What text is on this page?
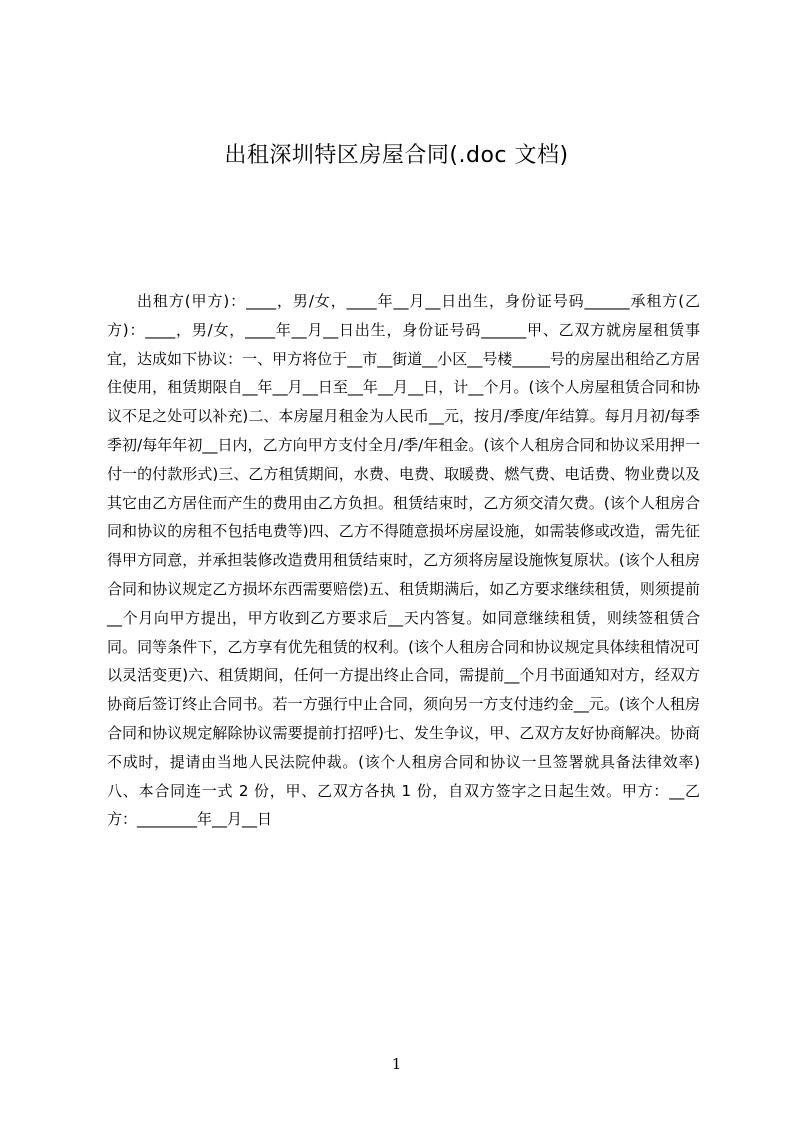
出租深圳特区房屋合同(.doc 文档)

出租方(甲方)：____，男/女，____年__月__日出生，身份证号码______承租方(乙方)：____，男/女，____年__月__日出生，身份证号码______甲、乙双方就房屋租赁事宜，达成如下协议：一、甲方将位于__市__街道__小区__号楼_____号的房屋出租给乙方居住使用，租赁期限自__年__月__日至__年__月__日，计__个月。(该个人房屋租赁合同和协议不足之处可以补充)二、本房屋月租金为人民币__元，按月/季度/年结算。每月月初/每季季初/每年年初__日内，乙方向甲方支付全月/季/年租金。(该个人租房合同和协议采用押一付一的付款形式)三、乙方租赁期间，水费、电费、取暖费、燃气费、电话费、物业费以及其它由乙方居住而产生的费用由乙方负担。租赁结束时，乙方须交清欠费。(该个人租房合同和协议的房租不包括电费等)四、乙方不得随意损坏房屋设施，如需装修或改造，需先征得甲方同意，并承担装修改造费用租赁结束时，乙方须将房屋设施恢复原状。(该个人租房合同和协议规定乙方损坏东西需要赔偿)五、租赁期满后，如乙方要求继续租赁，则须提前__个月向甲方提出，甲方收到乙方要求后__天内答复。如同意继续租赁，则续签租赁合同。同等条件下，乙方享有优先租赁的权利。(该个人租房合同和协议规定具体续租情况可以灵活变更)六、租赁期间，任何一方提出终止合同，需提前__个月书面通知对方，经双方协商后签订终止合同书。若一方强行中止合同，须向另一方支付违约金__元。(该个人租房合同和协议规定解除协议需要提前打招呼)七、发生争议，甲、乙双方友好协商解决。协商不成时，提请由当地人民法院仲裁。(该个人租房合同和协议一旦签署就具备法律效率)八、本合同连一式 2 份，甲、乙双方各执 1 份，自双方签字之日起生效。甲方：__乙方：________年__月__日

1
